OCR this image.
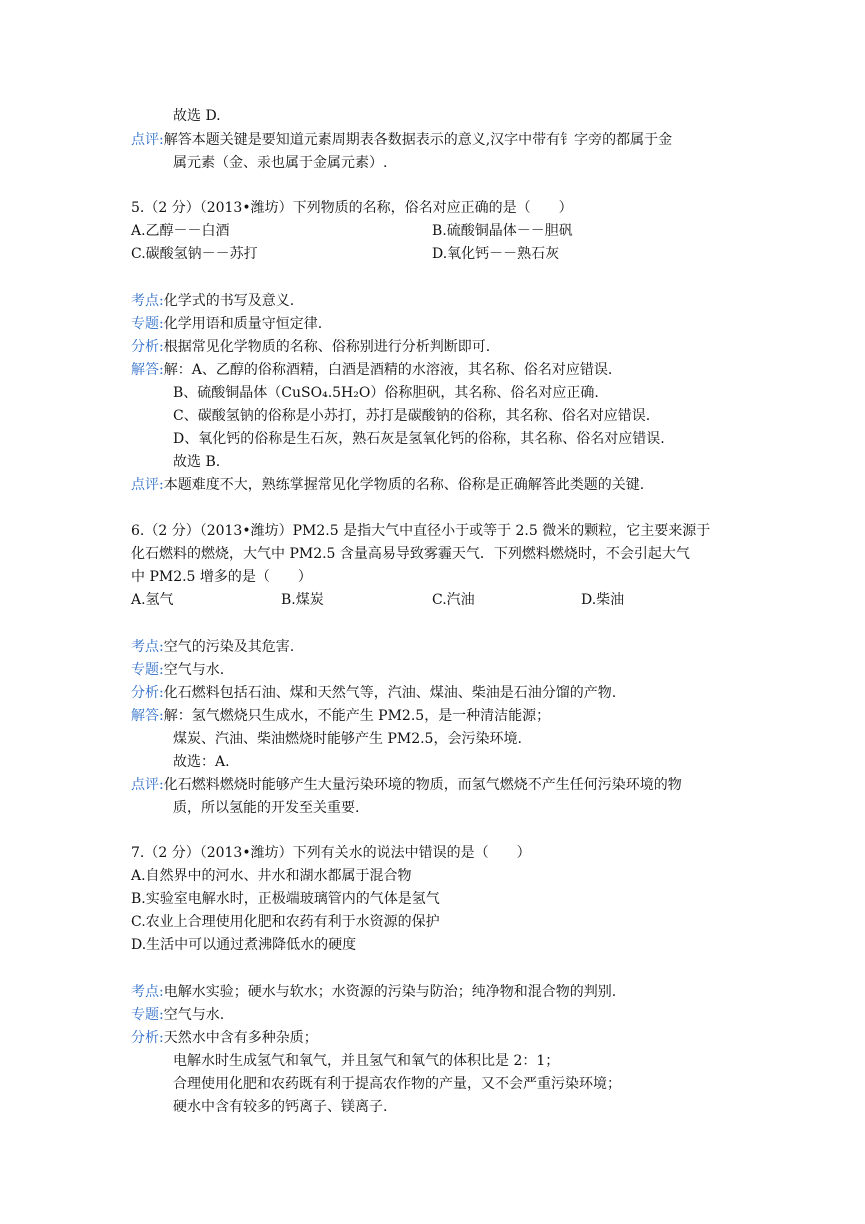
故选 D.
点评:解答本题关键是要知道元素周期表各数据表示的意义,汉字中带有钅字旁的都属于金
属元素（金、汞也属于金属元素）.
5.（2 分）（2013•潍坊）下列物质的名称，俗名对应正确的是（　　）
A.乙醇－－白酒	B.硫酸铜晶体－－胆矾
C.碳酸氢钠－－苏打	D.氧化钙－－熟石灰
考点:化学式的书写及意义.
专题:化学用语和质量守恒定律.
分析:根据常见化学物质的名称、俗称别进行分析判断即可.
解答:解：A、乙醇的俗称酒精，白酒是酒精的水溶液，其名称、俗名对应错误.
B、硫酸铜晶体（CuSO₄.5H₂O）俗称胆矾，其名称、俗名对应正确.
C、碳酸氢钠的俗称是小苏打，苏打是碳酸钠的俗称，其名称、俗名对应错误.
D、氧化钙的俗称是生石灰，熟石灰是氢氧化钙的俗称，其名称、俗名对应错误.
故选 B.
点评:本题难度不大，熟练掌握常见化学物质的名称、俗称是正确解答此类题的关键.
6.（2 分）（2013•潍坊）PM2.5 是指大气中直径小于或等于 2.5 微米的颗粒，它主要来源于
化石燃料的燃烧，大气中 PM2.5 含量高易导致雾霾天气．下列燃料燃烧时，不会引起大气
中 PM2.5 增多的是（　　）
A.氢气	B.煤炭	C.汽油	D.柴油
考点:空气的污染及其危害.
专题:空气与水.
分析:化石燃料包括石油、煤和天然气等，汽油、煤油、柴油是石油分馏的产物.
解答:解：氢气燃烧只生成水，不能产生 PM2.5，是一种清洁能源；
煤炭、汽油、柴油燃烧时能够产生 PM2.5，会污染环境.
故选：A.
点评:化石燃料燃烧时能够产生大量污染环境的物质，而氢气燃烧不产生任何污染环境的物
质，所以氢能的开发至关重要.
7.（2 分）（2013•潍坊）下列有关水的说法中错误的是（　　）
A.自然界中的河水、井水和湖水都属于混合物
B.实验室电解水时，正极端玻璃管内的气体是氢气
C.农业上合理使用化肥和农药有利于水资源的保护
D.生活中可以通过煮沸降低水的硬度
考点:电解水实验；硬水与软水；水资源的污染与防治；纯净物和混合物的判别.
专题:空气与水.
分析:天然水中含有多种杂质；
电解水时生成氢气和氧气，并且氢气和氧气的体积比是 2：1；
合理使用化肥和农药既有利于提高农作物的产量，又不会严重污染环境；
硬水中含有较多的钙离子、镁离子.
